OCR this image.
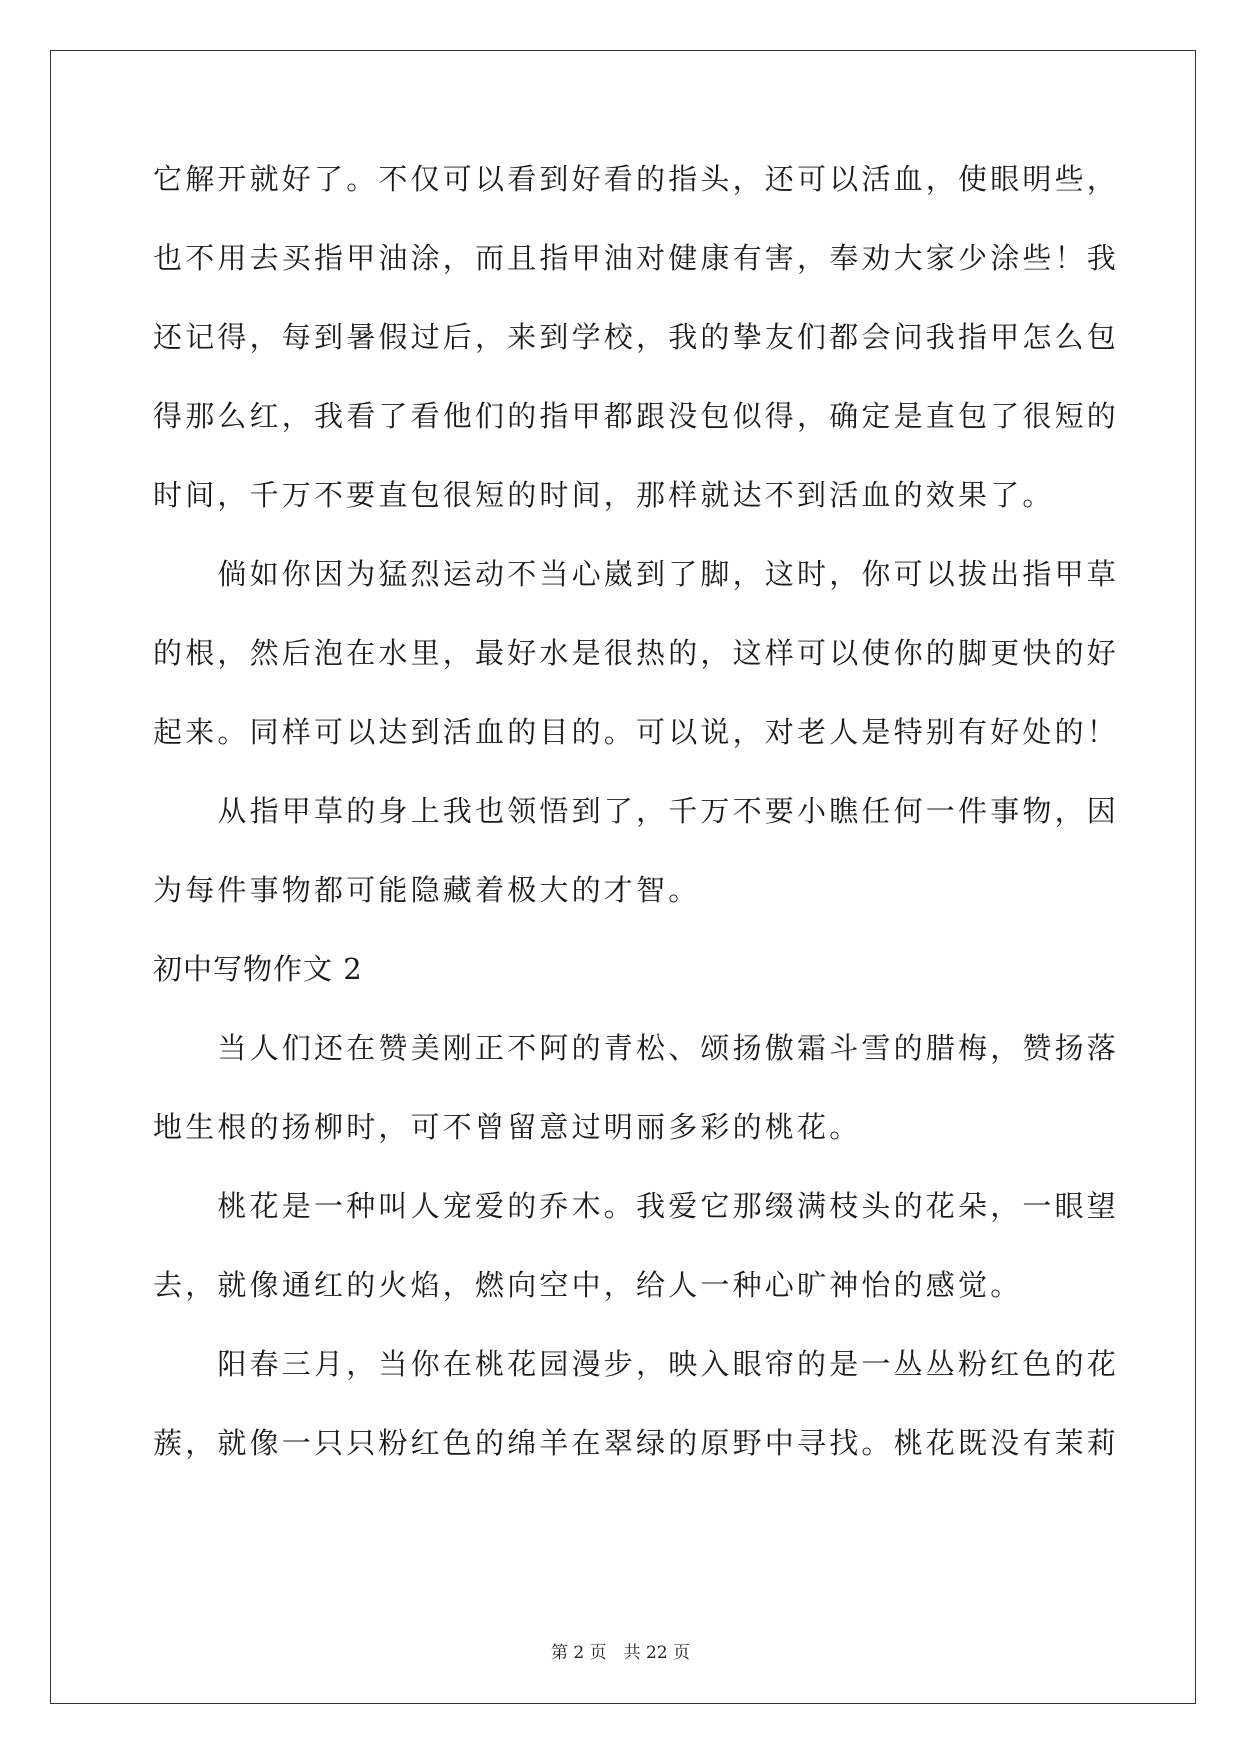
它解开就好了。不仅可以看到好看的指头，还可以活血，使眼明些，
也不用去买指甲油涂，而且指甲油对健康有害，奉劝大家少涂些！我
还记得，每到暑假过后，来到学校，我的挚友们都会问我指甲怎么包
得那么红，我看了看他们的指甲都跟没包似得，确定是直包了很短的
时间，千万不要直包很短的时间，那样就达不到活血的效果了。
　　倘如你因为猛烈运动不当心崴到了脚，这时，你可以拔出指甲草
的根，然后泡在水里，最好水是很热的，这样可以使你的脚更快的好
起来。同样可以达到活血的目的。可以说，对老人是特别有好处的！
　　从指甲草的身上我也领悟到了，千万不要小瞧任何一件事物，因
为每件事物都可能隐藏着极大的才智。
初中写物作文 2
　　当人们还在赞美刚正不阿的青松、颂扬傲霜斗雪的腊梅，赞扬落
地生根的扬柳时，可不曾留意过明丽多彩的桃花。
　　桃花是一种叫人宠爱的乔木。我爱它那缀满枝头的花朵，一眼望
去，就像通红的火焰，燃向空中，给人一种心旷神怡的感觉。
　　阳春三月，当你在桃花园漫步，映入眼帘的是一丛丛粉红色的花
蔟，就像一只只粉红色的绵羊在翠绿的原野中寻找。桃花既没有茉莉
第 2 页　共 22 页
